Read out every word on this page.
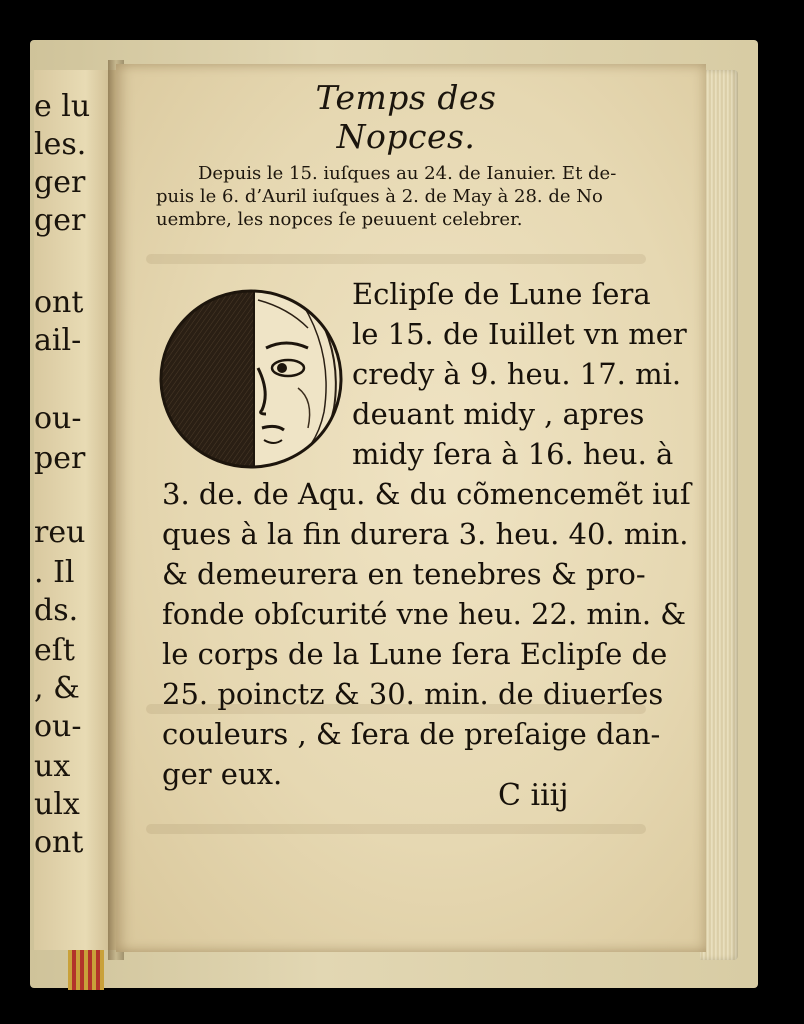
e lu
les.
ger
ger
ont
ail-
ou-
per
reu
. Il
ds.
eſt
, &
ou-
ux
ulx
ont
Temps des Nopces.
Depuis le 15. iuſques au 24. de Ianuier. Et de-
puis le 6. d’Auril iuſques à 2. de May à 28. de No
uembre, les nopces ſe peuuent celebrer.
Eclipſe de Lune ſera
le 15. de Iuillet vn mer
credy à 9. heu. 17. mi.
deuant midy , apres
midy ſera à 16. heu. à
3. de. de Aqu. & du cõmencemẽt iuſ
ques à la fin durera 3. heu. 40. min.
& demeurera en tenebres & pro-
fonde obſcurité vne heu. 22. min. &
le corps de la Lune ſera Eclipſe de
25. poinctz & 30. min. de diuerſes
couleurs , & ſera de preſaige dan-
ger eux.
C iiij
